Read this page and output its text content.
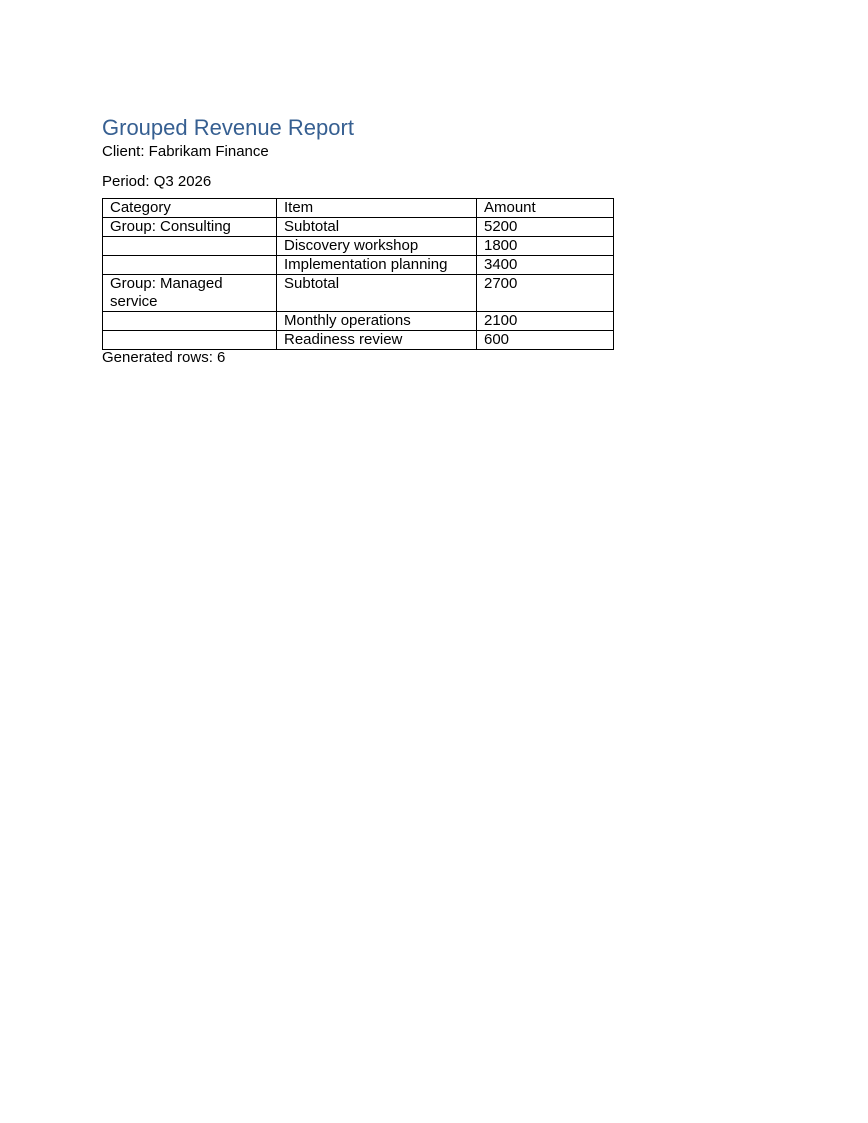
Grouped Revenue Report

Client: Fabrikam Finance

Period: Q3 2026

Category	Item	Amount
Group: Consulting	Subtotal	5200
	Discovery workshop	1800
	Implementation planning	3400
Group: Managed service	Subtotal	2700
	Monthly operations	2100
	Readiness review	600

Generated rows: 6
